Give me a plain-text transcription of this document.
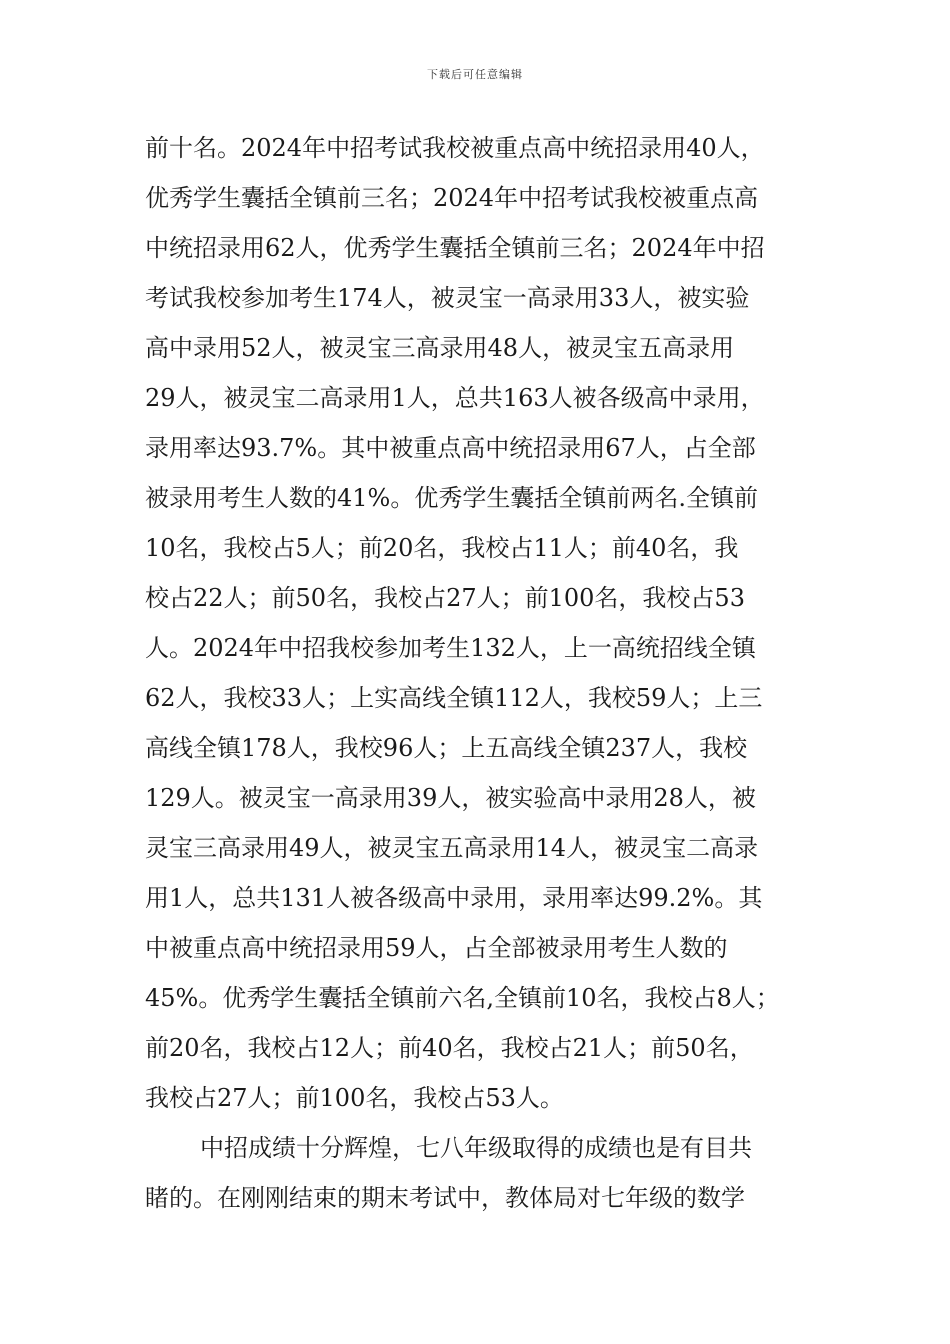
下载后可任意编辑
前十名。2024年中招考试我校被重点高中统招录用40人，
优秀学生囊括全镇前三名；2024年中招考试我校被重点高
中统招录用62人，优秀学生囊括全镇前三名；2024年中招
考试我校参加考生174人，被灵宝一高录用33人，被实验
高中录用52人，被灵宝三高录用48人，被灵宝五高录用
29人，被灵宝二高录用1人，总共163人被各级高中录用，
录用率达93.7%。其中被重点高中统招录用67人，占全部
被录用考生人数的41%。优秀学生囊括全镇前两名.全镇前
10名，我校占5人；前20名，我校占11人；前40名，我
校占22人；前50名，我校占27人；前100名，我校占53
人。2024年中招我校参加考生132人，上一高统招线全镇
62人，我校33人；上实高线全镇112人，我校59人；上三
高线全镇178人，我校96人；上五高线全镇237人，我校
129人。被灵宝一高录用39人，被实验高中录用28人，被
灵宝三高录用49人，被灵宝五高录用14人，被灵宝二高录
用1人，总共131人被各级高中录用，录用率达99.2%。其
中被重点高中统招录用59人，占全部被录用考生人数的
45%。优秀学生囊括全镇前六名,全镇前10名，我校占8人；
前20名，我校占12人；前40名，我校占21人；前50名，
我校占27人；前100名，我校占53人。
中招成绩十分辉煌，七八年级取得的成绩也是有目共
睹的。在刚刚结束的期末考试中，教体局对七年级的数学
